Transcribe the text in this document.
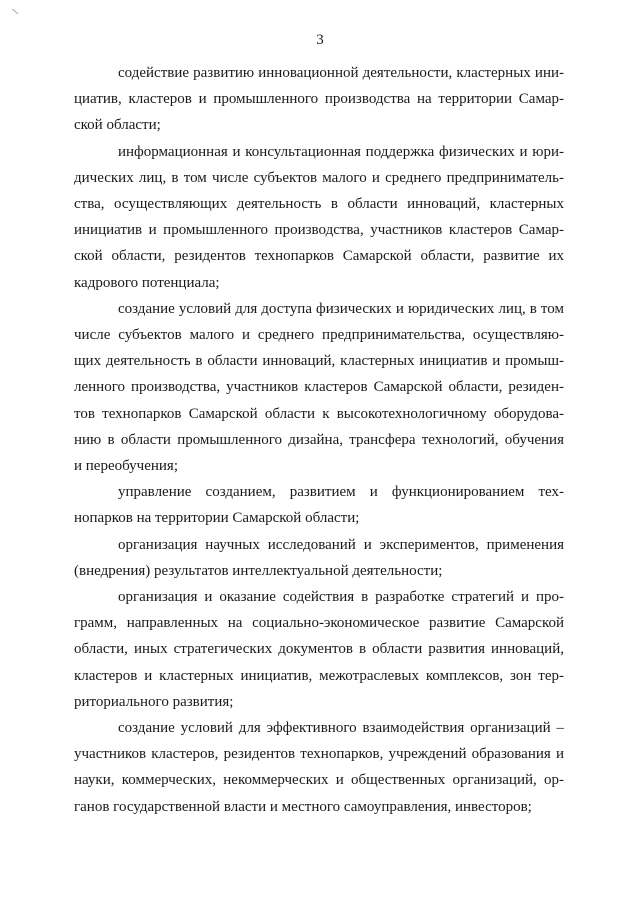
\
3

содействие развитию инновационной деятельности, кластерных ини-
циатив, кластеров и промышленного производства на территории Самар-
ской области;

информационная и консультационная поддержка физических и юри-
дических лиц, в том числе субъектов малого и среднего предприниматель-
ства, осуществляющих деятельность в области инноваций, кластерных
инициатив и промышленного производства, участников кластеров Самар-
ской области, резидентов технопарков Самарской области, развитие их
кадрового потенциала;

создание условий для доступа физических и юридических лиц, в том
числе субъектов малого и среднего предпринимательства, осуществляю-
щих деятельность в области инноваций, кластерных инициатив и промыш-
ленного производства, участников кластеров Самарской области, резиден-
тов технопарков Самарской области к высокотехнологичному оборудова-
нию в области промышленного дизайна, трансфера технологий, обучения
и переобучения;

управление созданием, развитием и функционированием тех-
нопарков на территории Самарской области;

организация научных исследований и экспериментов, применения
(внедрения) результатов интеллектуальной деятельности;

организация и оказание содействия в разработке стратегий и про-
грамм, направленных на социально-экономическое развитие Самарской
области, иных стратегических документов в области развития инноваций,
кластеров и кластерных инициатив, межотраслевых комплексов, зон тер-
риториального развития;

создание условий для эффективного взаимодействия организаций –
участников кластеров, резидентов технопарков, учреждений образования и
науки, коммерческих, некоммерческих и общественных организаций, ор-
ганов государственной власти и местного самоуправления, инвесторов;
